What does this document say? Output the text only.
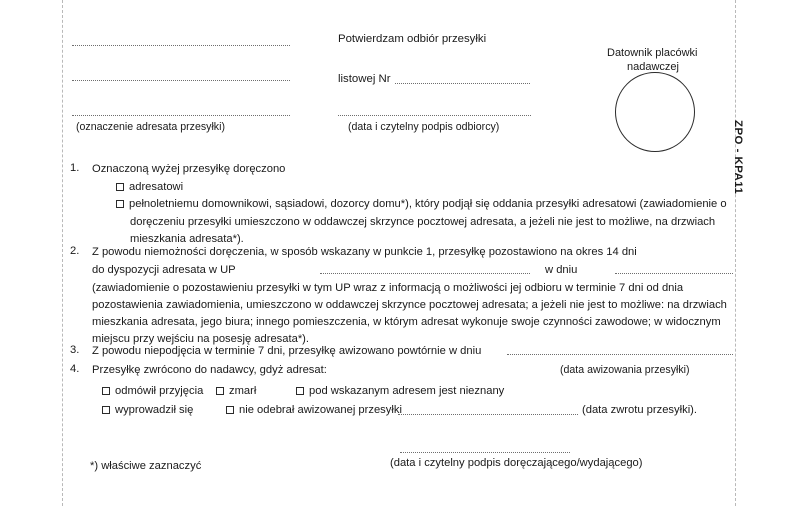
(oznaczenie adresata przesyłki)
Potwierdzam odbiór przesyłki
listowej Nr
(data i czytelny podpis odbiorcy)
Datownik placówki
nadawczej
ZPO - KPA11
1.	Oznaczoną wyżej przesyłkę doręczono
adresatowi
pełnoletniemu domownikowi, sąsiadowi, dozorcy domu*), który podjął się oddania przesyłki adresatowi (zawiadomienie o
doręczeniu przesyłki umieszczono w oddawczej skrzynce pocztowej adresata, a jeżeli nie jest to możliwe, na drzwiach
mieszkania adresata*).
2.	Z powodu niemożności doręczenia, w sposób wskazany w punkcie 1, przesyłkę pozostawiono na okres 14 dni
do dyspozycji adresata w UP	w dniu
(zawiadomienie o pozostawieniu przesyłki w tym UP wraz z informacją o możliwości jej odbioru w terminie 7 dni od dnia
pozostawienia zawiadomienia, umieszczono w oddawczej skrzynce pocztowej adresata; a jeżeli nie jest to możliwe: na drzwiach
mieszkania adresata, jego biura; innego pomieszczenia, w którym adresat wykonuje swoje czynności zawodowe; w widocznym
miejscu przy wejściu na posesję adresata*).
3.	Z powodu niepodjęcia w terminie 7 dni, przesyłkę awizowano powtórnie w dniu
(data awizowania przesyłki)
4.	Przesyłkę zwrócono do nadawcy, gdyż adresat:
odmówił przyjęcia	zmarł	pod wskazanym adresem jest nieznany
wyprowadził się	nie odebrał awizowanej przesyłki	(data zwrotu przesyłki).
(data i czytelny podpis doręczającego/wydającego)
*) właściwe zaznaczyć
